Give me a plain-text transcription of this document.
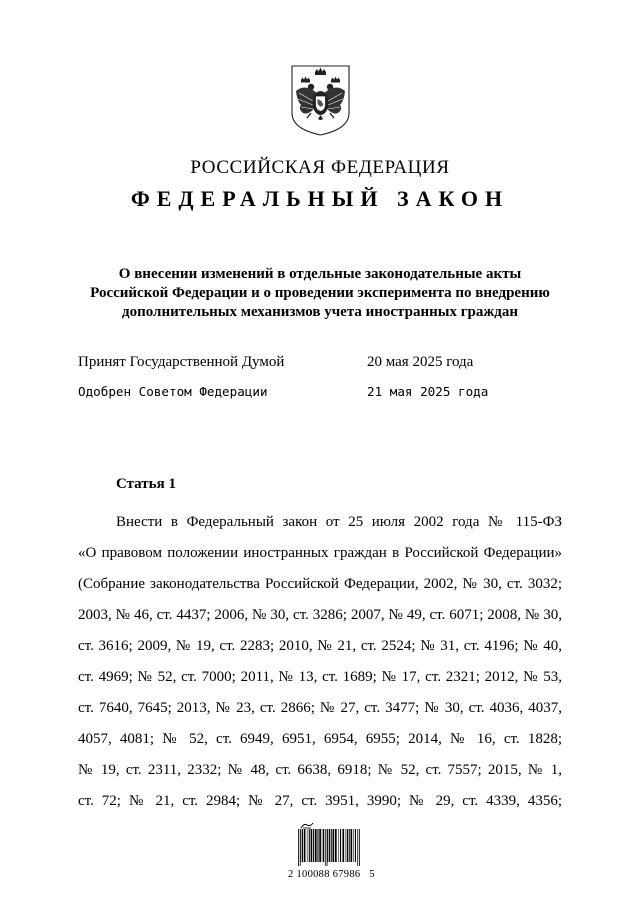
РОССИЙСКАЯ ФЕДЕРАЦИЯ
ФЕДЕРАЛЬНЫЙ ЗАКОН
О внесении изменений в отдельные законодательные акты
Российской Федерации и о проведении эксперимента по внедрению
дополнительных механизмов учета иностранных граждан
Принят Государственной Думой	20 мая 2025 года
Одобрен Советом Федерации	21 мая 2025 года
Статья 1
Внести в Федеральный закон от 25 июля 2002 года № 115-ФЗ
«О правовом положении иностранных граждан в Российской Федерации»
(Собрание законодательства Российской Федерации, 2002, № 30, ст. 3032;
2003, № 46, ст. 4437; 2006, № 30, ст. 3286; 2007, № 49, ст. 6071; 2008, № 30,
ст. 3616; 2009, № 19, ст. 2283; 2010, № 21, ст. 2524; № 31, ст. 4196; № 40,
ст. 4969; № 52, ст. 7000; 2011, № 13, ст. 1689; № 17, ст. 2321; 2012, № 53,
ст. 7640, 7645; 2013, № 23, ст. 2866; № 27, ст. 3477; № 30, ст. 4036, 4037,
4057, 4081; № 52, ст. 6949, 6951, 6954, 6955; 2014, № 16, ст. 1828;
№ 19, ст. 2311, 2332; № 48, ст. 6638, 6918; № 52, ст. 7557; 2015, № 1,
ст. 72; № 21, ст. 2984; № 27, ст. 3951, 3990; № 29, ст. 4339, 4356;
2 100088 67986   5
